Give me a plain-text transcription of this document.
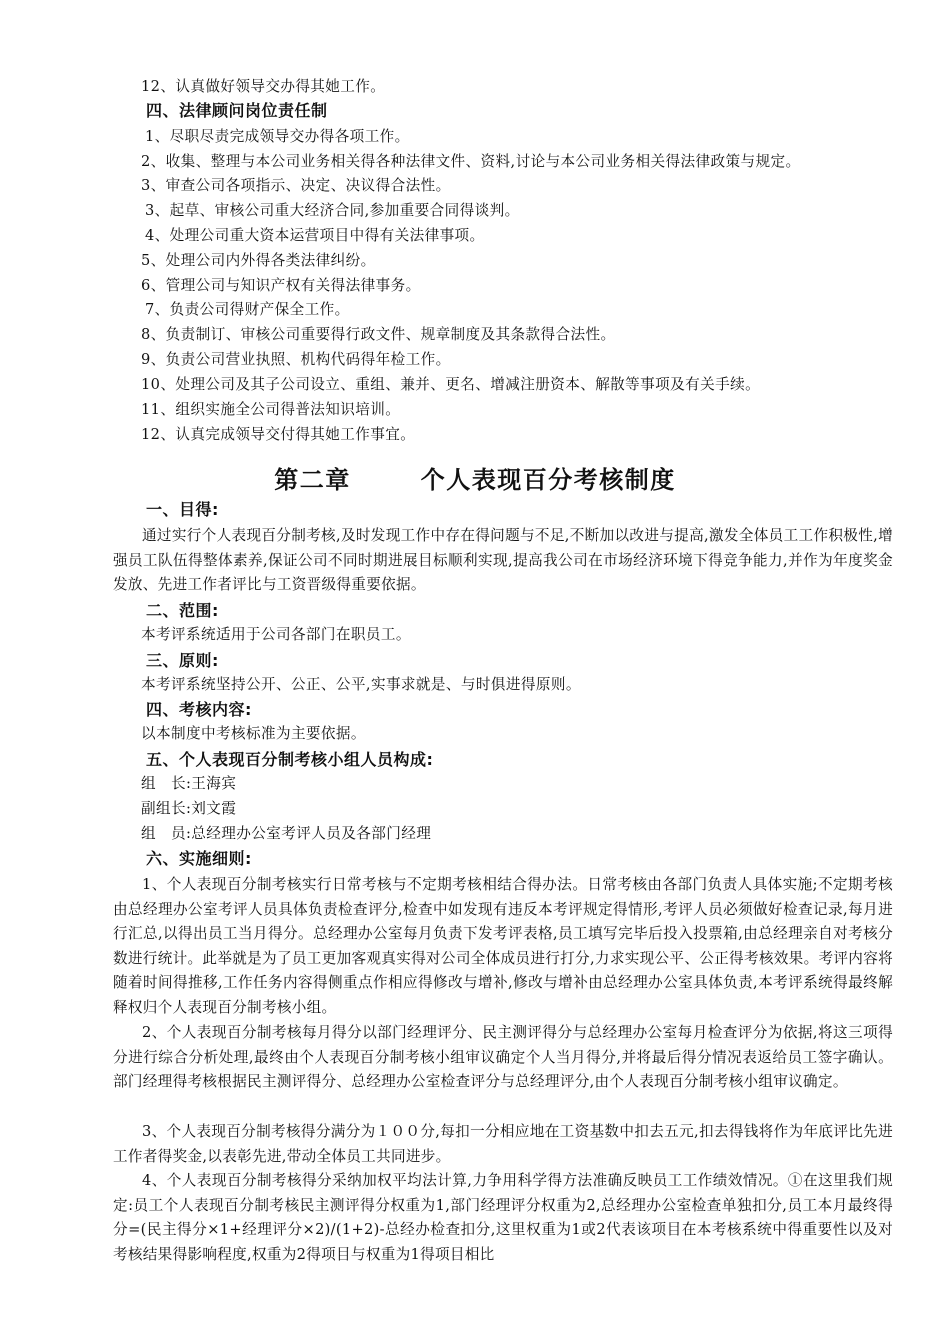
12、认真做好领导交办得其她工作。
四、法律顾问岗位责任制
1、尽职尽责完成领导交办得各项工作。
2、收集、整理与本公司业务相关得各种法律文件、资料,讨论与本公司业务相关得法律政策与规定。
3、审查公司各项指示、决定、决议得合法性。
3、起草、审核公司重大经济合同,参加重要合同得谈判。
4、处理公司重大资本运营项目中得有关法律事项。
5、处理公司内外得各类法律纠纷。
6、管理公司与知识产权有关得法律事务。
7、负责公司得财产保全工作。
8、负责制订、审核公司重要得行政文件、规章制度及其条款得合法性。
9、负责公司营业执照、机构代码得年检工作。
10、处理公司及其子公司设立、重组、兼并、更名、增减注册资本、解散等事项及有关手续。
11、组织实施全公司得普法知识培训。
12、认真完成领导交付得其她工作事宜。
第二章	个人表现百分考核制度
一、目得:
通过实行个人表现百分制考核,及时发现工作中存在得问题与不足,不断加以改进与提高,激发全体员工工作积极性,增强员工队伍得整体素养,保证公司不同时期进展目标顺利实现,提高我公司在市场经济环境下得竞争能力,并作为年度奖金发放、先进工作者评比与工资晋级得重要依据。
二、范围:
本考评系统适用于公司各部门在职员工。
三、原则:
本考评系统坚持公开、公正、公平,实事求就是、与时俱进得原则。
四、考核内容:
以本制度中考核标准为主要依据。
五、个人表现百分制考核小组人员构成:
组　长:王海宾
副组长:刘文霞
组　员:总经理办公室考评人员及各部门经理
六、实施细则:
1、个人表现百分制考核实行日常考核与不定期考核相结合得办法。日常考核由各部门负责人具体实施;不定期考核由总经理办公室考评人员具体负责检查评分,检查中如发现有违反本考评规定得情形,考评人员必须做好检查记录,每月进行汇总,以得出员工当月得分。总经理办公室每月负责下发考评表格,员工填写完毕后投入投票箱,由总经理亲自对考核分数进行统计。此举就是为了员工更加客观真实得对公司全体成员进行打分,力求实现公平、公正得考核效果。考评内容将随着时间得推移,工作任务内容得侧重点作相应得修改与增补,修改与增补由总经理办公室具体负责,本考评系统得最终解释权归个人表现百分制考核小组。
2、个人表现百分制考核每月得分以部门经理评分、民主测评得分与总经理办公室每月检查评分为依据,将这三项得分进行综合分析处理,最终由个人表现百分制考核小组审议确定个人当月得分,并将最后得分情况表返给员工签字确认。部门经理得考核根据民主测评得分、总经理办公室检查评分与总经理评分,由个人表现百分制考核小组审议确定。
3、个人表现百分制考核得分满分为１００分,每扣一分相应地在工资基数中扣去五元,扣去得钱将作为年底评比先进工作者得奖金,以表彰先进,带动全体员工共同进步。
4、个人表现百分制考核得分采纳加权平均法计算,力争用科学得方法准确反映员工工作绩效情况。①在这里我们规定:员工个人表现百分制考核民主测评得分权重为1,部门经理评分权重为2,总经理办公室检查单独扣分,员工本月最终得分=(民主得分×1+经理评分×2)/(1+2)-总经办检查扣分,这里权重为1或2代表该项目在本考核系统中得重要性以及对考核结果得影响程度,权重为2得项目与权重为1得项目相比
